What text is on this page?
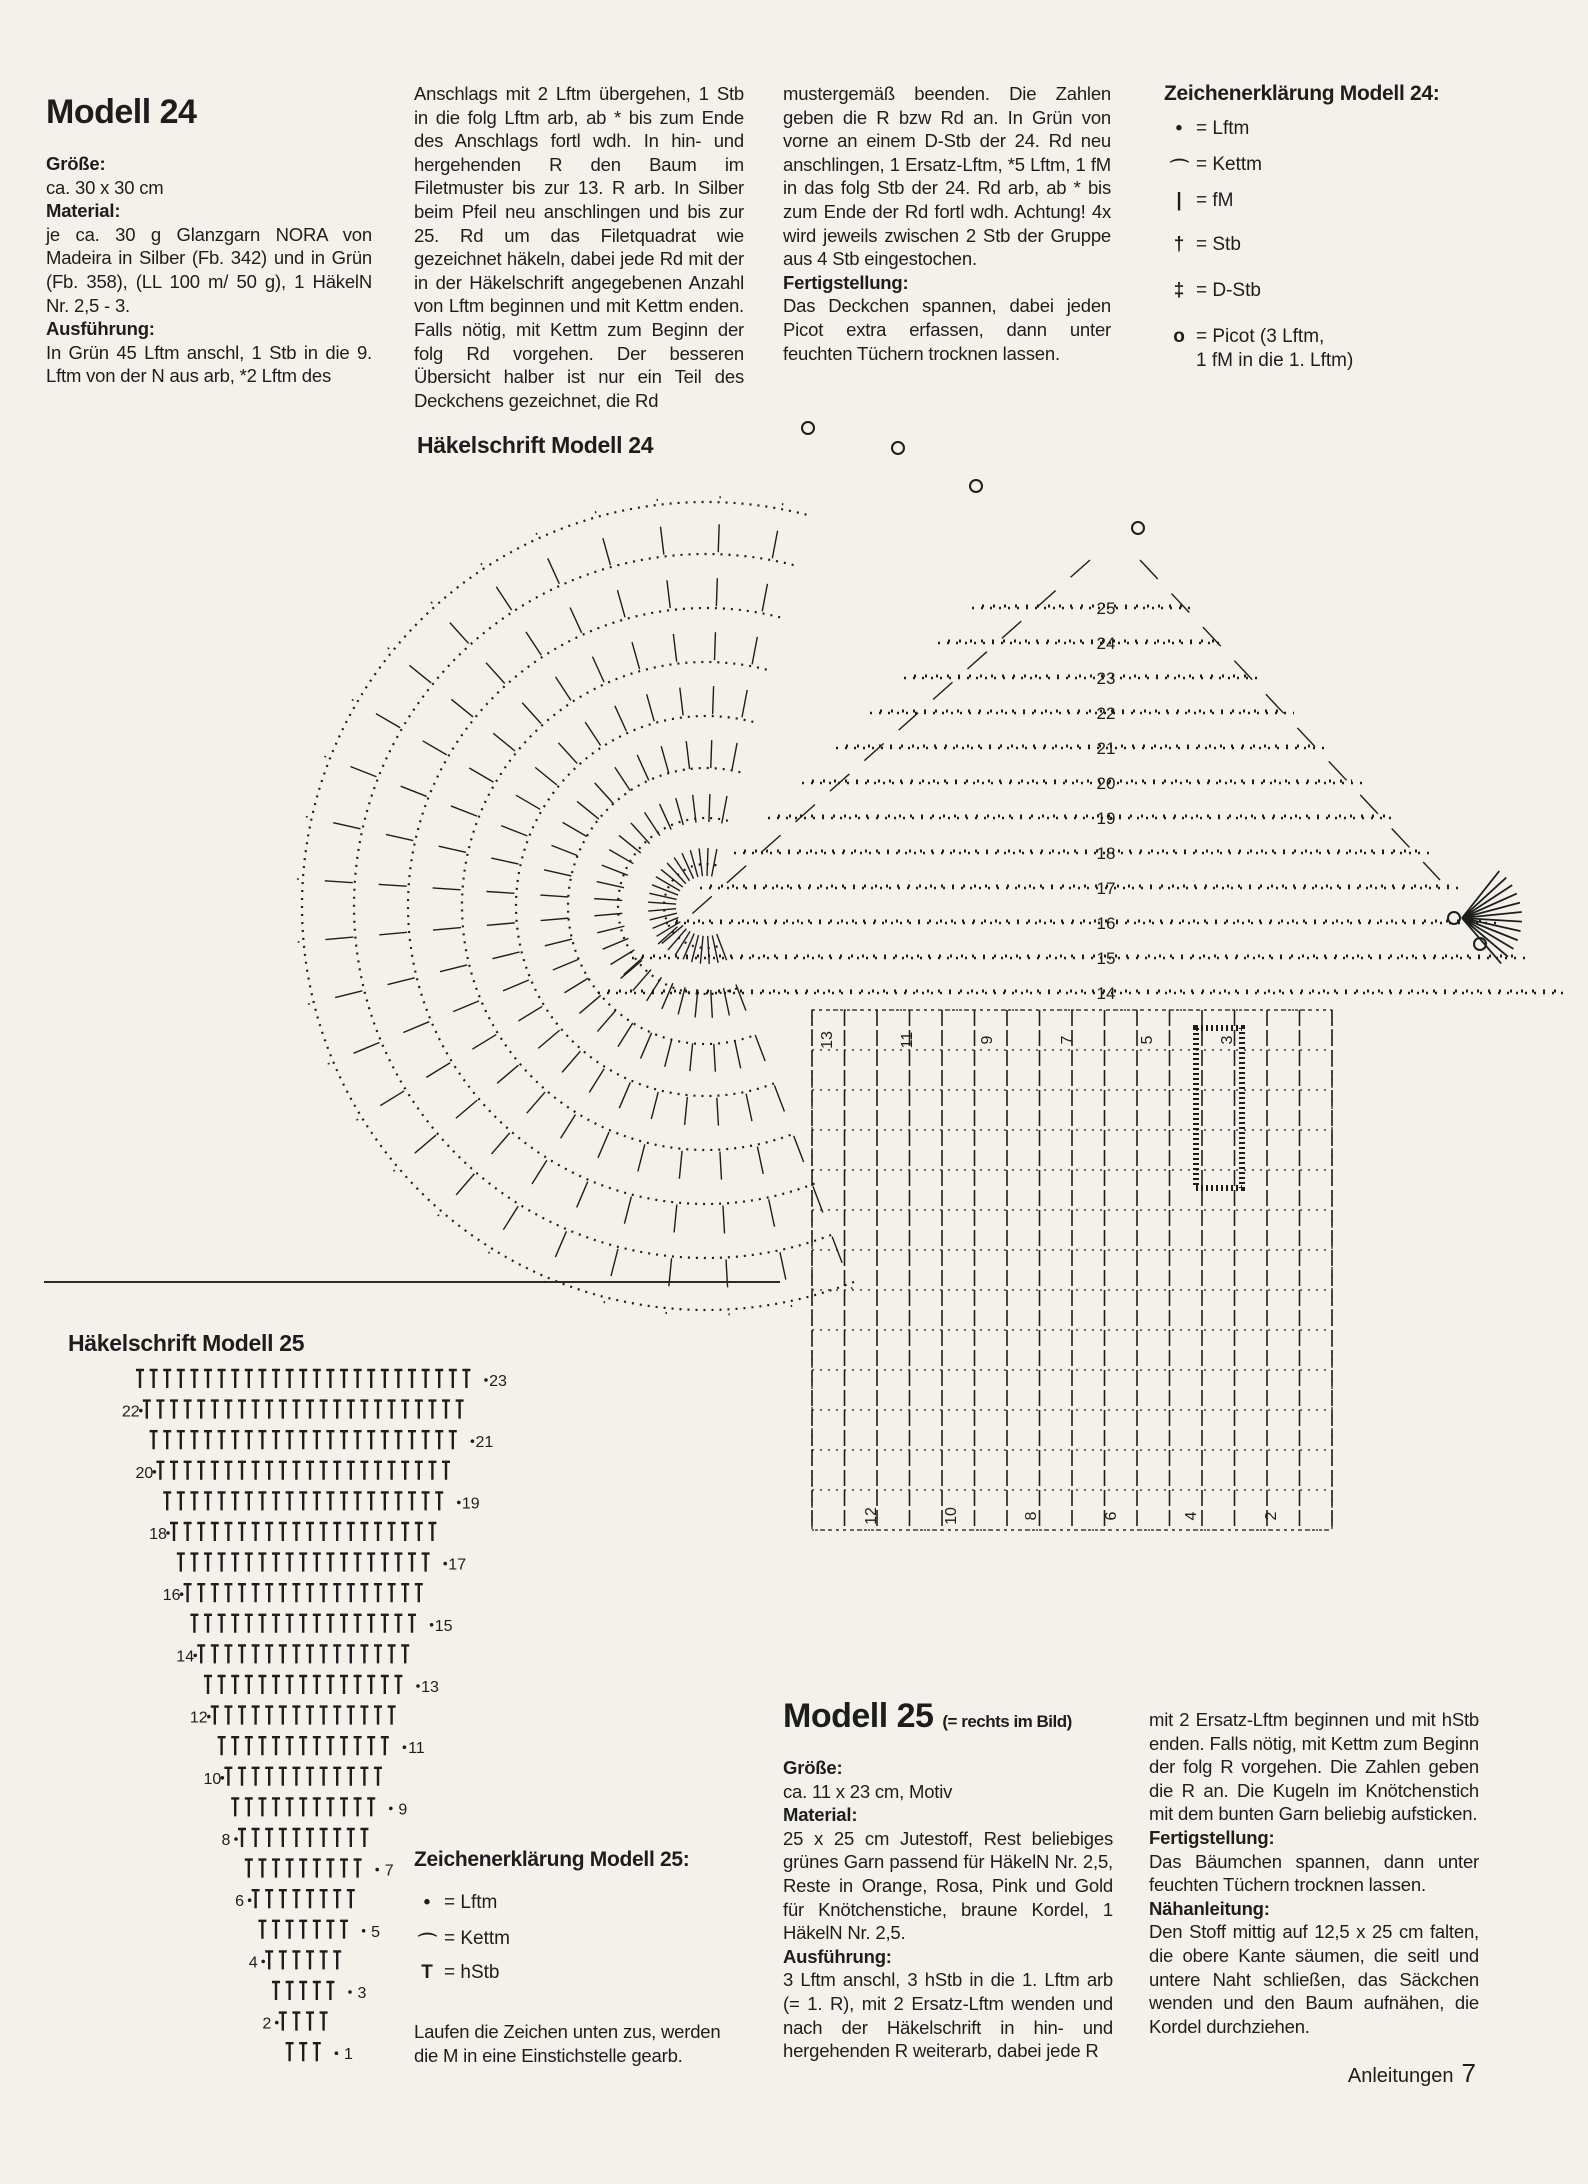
Modell 24
Größe:
ca. 30 x 30 cm
Material:
je ca. 30 g Glanzgarn NORA von Madeira in Silber (Fb. 342) und in Grün (Fb. 358), (LL 100 m/ 50 g), 1 HäkelN Nr. 2,5 - 3.
Ausführung:
In Grün 45 Lftm anschl, 1 Stb in die 9. Lftm von der N aus arb, *2 Lftm des
Anschlags mit 2 Lftm übergehen, 1 Stb in die folg Lftm arb, ab * bis zum Ende des Anschlags fortl wdh. In hin- und hergehenden R den Baum im Filetmuster bis zur 13. R arb. In Silber beim Pfeil neu anschlingen und bis zur 25. Rd um das Filetquadrat wie gezeichnet häkeln, dabei jede Rd mit der in der Häkelschrift angegebenen Anzahl von Lftm beginnen und mit Kettm enden. Falls nötig, mit Kettm zum Beginn der folg Rd vorgehen. Der besseren Übersicht halber ist nur ein Teil des Deckchens gezeichnet, die Rd
mustergemäß beenden. Die Zahlen geben die R bzw Rd an. In Grün von vorne an einem D-Stb der 24. Rd neu anschlingen, 1 Ersatz-Lftm, *5 Lftm, 1 fM in das folg Stb der 24. Rd arb, ab * bis zum Ende der Rd fortl wdh. Achtung! 4x wird jeweils zwischen 2 Stb der Gruppe aus 4 Stb eingestochen.
Fertigstellung:
Das Deckchen spannen, dabei jeden Picot extra erfassen, dann unter feuchten Tüchern trocknen lassen.
Zeichenerklärung Modell 24:
• = Lftm
⌒ = Kettm
| = fM
† = Stb
‡ = D-Stb
o = Picot (3 Lftm,
1 fM in die 1. Lftm)
Häkelschrift Modell 24
13	11	9	7	5	3
12	10	8	6	4	2
25
24
23
22
21
20
19
18
17
16
15
14
Häkelschrift Modell 25
23
22
21
20
19
18
17
16
15
14
13
12
11
10
9
8
7
6
5
4
3
2
1
Zeichenerklärung Modell 25:
• = Lftm
⌒ = Kettm
T = hStb
Laufen die Zeichen unten zus, werden die M in eine Einstichstelle gearb.
Modell 25 (= rechts im Bild)
Größe:
ca. 11 x 23 cm, Motiv
Material:
25 x 25 cm Jutestoff, Rest beliebiges grünes Garn passend für HäkelN Nr. 2,5, Reste in Orange, Rosa, Pink und Gold für Knötchenstiche, braune Kordel, 1 HäkelN Nr. 2,5.
Ausführung:
3 Lftm anschl, 3 hStb in die 1. Lftm arb (= 1. R), mit 2 Ersatz-Lftm wenden und nach der Häkelschrift in hin- und hergehenden R weiterarb, dabei jede R
mit 2 Ersatz-Lftm beginnen und mit hStb enden. Falls nötig, mit Kettm zum Beginn der folg R vorgehen. Die Zahlen geben die R an. Die Kugeln im Knötchenstich mit dem bunten Garn beliebig aufsticken.
Fertigstellung:
Das Bäumchen spannen, dann unter feuchten Tüchern trocknen lassen.
Nähanleitung:
Den Stoff mittig auf 12,5 x 25 cm falten, die obere Kante säumen, die seitl und untere Naht schließen, das Säckchen wenden und den Baum aufnähen, die Kordel durchziehen.
Anleitungen 7
